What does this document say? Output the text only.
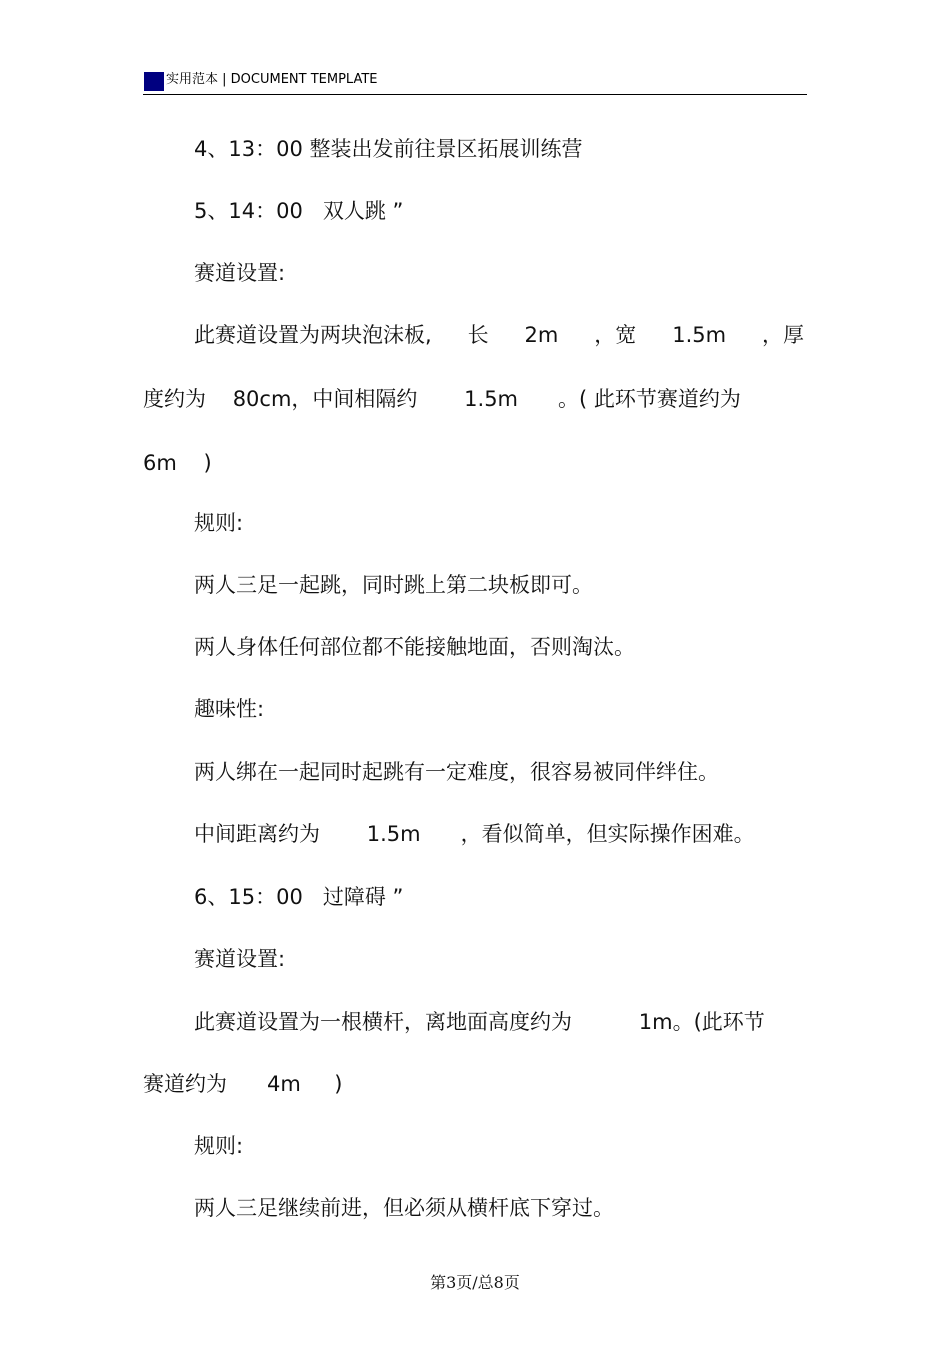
实用范本 | DOCUMENT TEMPLATE
4、13：00 整装出发前往景区拓展训练营
5、14：00   双人跳 ”
赛道设置:
此赛道设置为两块泡沫板, 长 2m ，宽 1.5m ，厚
度约为    80cm，中间相隔约       1.5m      。( 此环节赛道约为
6m    )
规则:
两人三足一起跳，同时跳上第二块板即可。
两人身体任何部位都不能接触地面，否则淘汰。
趣味性:
两人绑在一起同时起跳有一定难度，很容易被同伴绊住。
中间距离约为       1.5m      ，看似简单，但实际操作困难。
6、15：00   过障碍 ”
赛道设置:
此赛道设置为一根横杆，离地面高度约为          1m。(此环节
赛道约为      4m     )
规则:
两人三足继续前进，但必须从横杆底下穿过。
第3页/总8页
